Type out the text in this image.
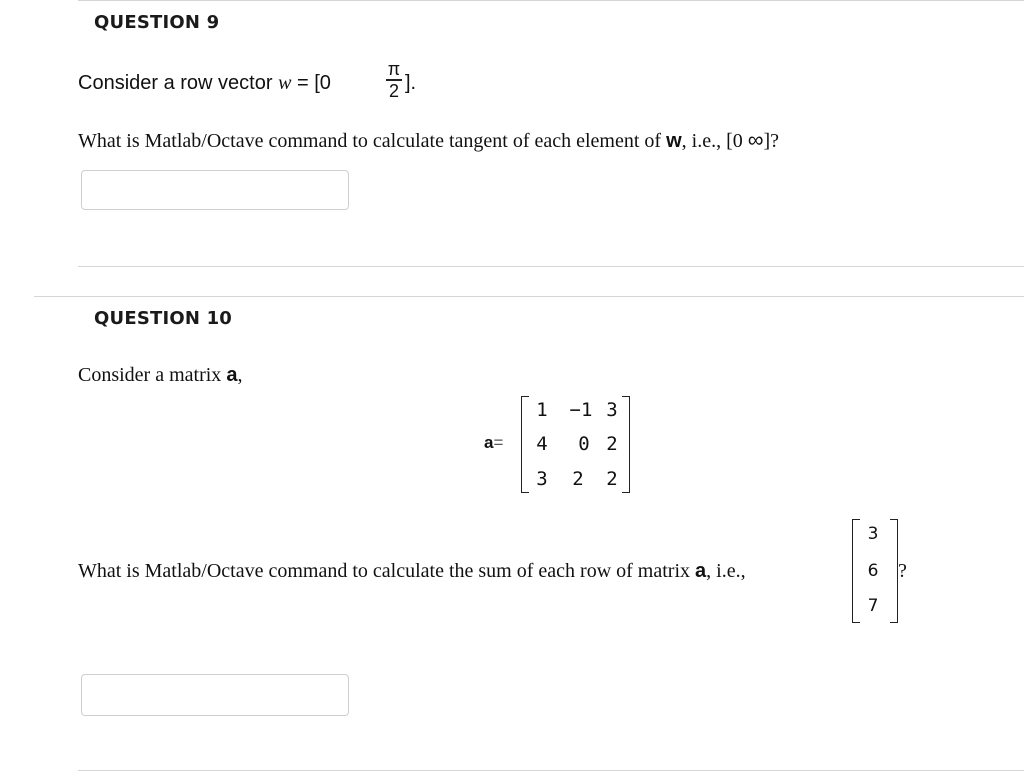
QUESTION 9
Consider a row vector w = [0
π
2 ].
What is Matlab/Octave command to calculate tangent of each element of w, i.e., [0 ∞]?
QUESTION 10
Consider a matrix a,
a=
1 −1 3
4 0 2
3 2 2
What is Matlab/Octave command to calculate the sum of each row of matrix a, i.e.,
3
6
7
?
